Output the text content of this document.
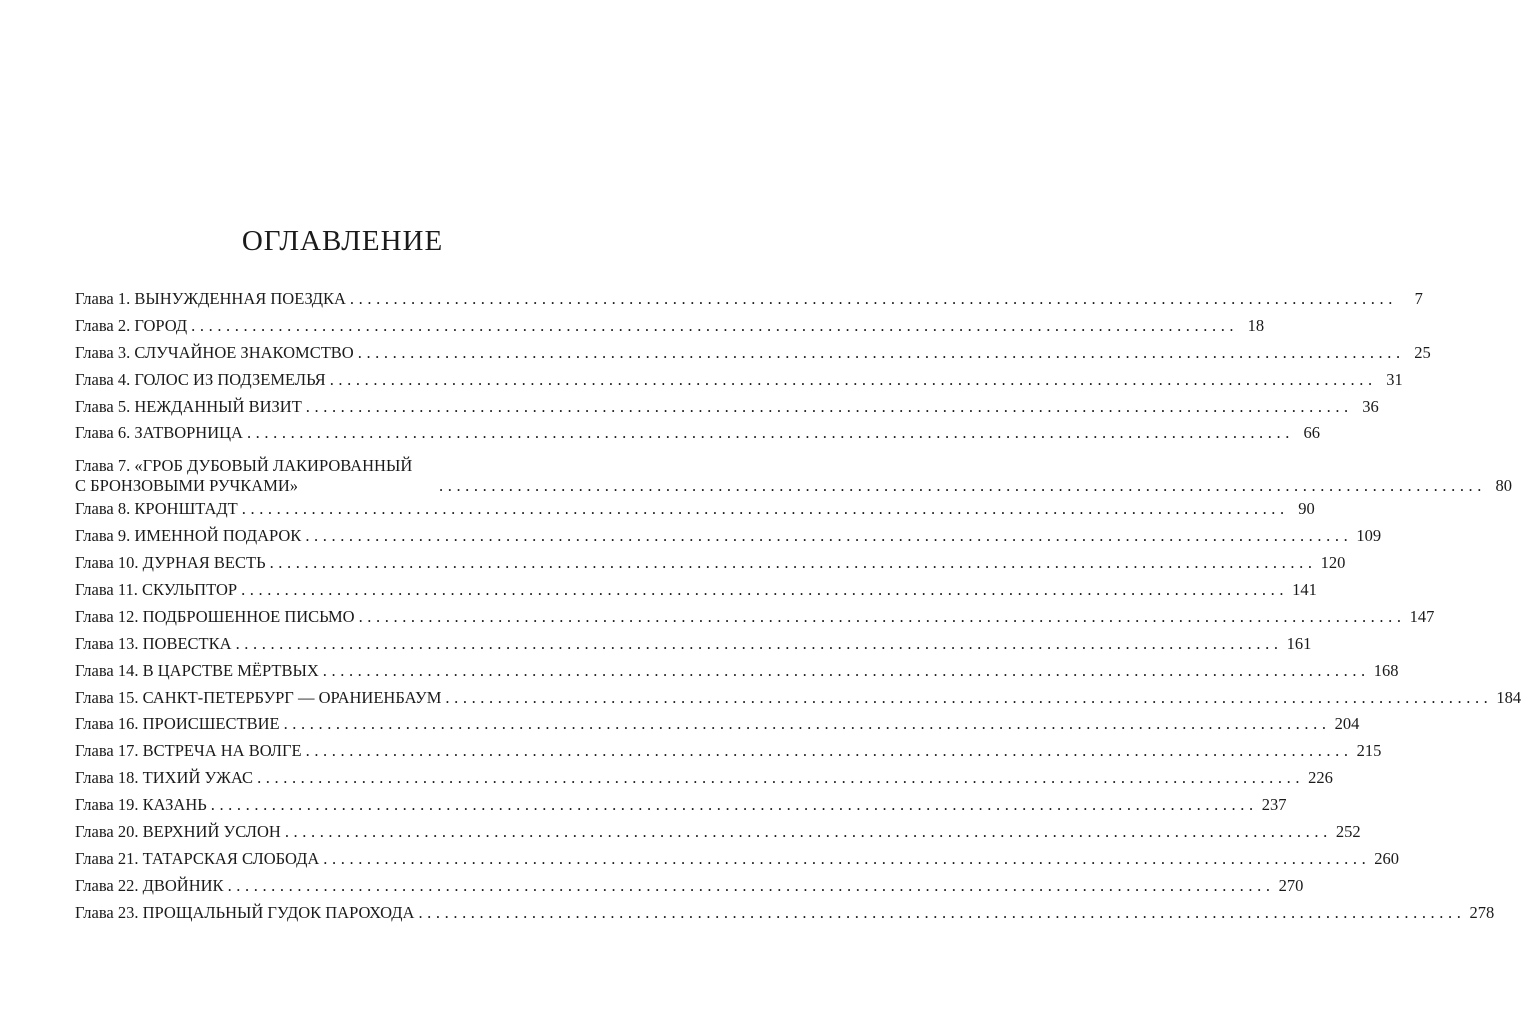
ОГЛАВЛЕНИЕ
Глава 1. ВЫНУЖДЕННАЯ ПОЕЗДКА ........................................................................................................................	7
Глава 2. ГОРОД ........................................................................................................................ 18
Глава 3. СЛУЧАЙНОЕ ЗНАКОМСТВО ........................................................................................................................ 25
Глава 4. ГОЛОС ИЗ ПОДЗЕМЕЛЬЯ ........................................................................................................................ 31
Глава 5. НЕЖДАННЫЙ ВИЗИТ ........................................................................................................................ 36
Глава 6. ЗАТВОРНИЦА ........................................................................................................................ 66
Глава 7. «ГРОБ ДУБОВЫЙ ЛАКИРОВАННЫЙ
С БРОНЗОВЫМИ РУЧКАМИ»	........................................................................................................................ 80
Глава 8. КРОНШТАДТ ........................................................................................................................ 90
Глава 9. ИМЕННОЙ ПОДАРОК ........................................................................................................................ 109
Глава 10. ДУРНАЯ ВЕСТЬ ........................................................................................................................ 120
Глава 11. СКУЛЬПТОР ........................................................................................................................ 141
Глава 12. ПОДБРОШЕННОЕ ПИСЬМО ........................................................................................................................ 147
Глава 13. ПОВЕСТКА ........................................................................................................................ 161
Глава 14. В ЦАРСТВЕ МЁРТВЫХ ........................................................................................................................ 168
Глава 15. САНКТ-ПЕТЕРБУРГ — ОРАНИЕНБАУМ ........................................................................................................................ 184
Глава 16. ПРОИСШЕСТВИЕ ........................................................................................................................ 204
Глава 17. ВСТРЕЧА НА ВОЛГЕ ........................................................................................................................ 215
Глава 18. ТИХИЙ УЖАС ........................................................................................................................ 226
Глава 19. КАЗАНЬ ........................................................................................................................ 237
Глава 20. ВЕРХНИЙ УСЛОН ........................................................................................................................ 252
Глава 21. ТАТАРСКАЯ СЛОБОДА ........................................................................................................................ 260
Глава 22. ДВОЙНИК ........................................................................................................................ 270
Глава 23. ПРОЩАЛЬНЫЙ ГУДОК ПАРОХОДА ........................................................................................................................ 278
